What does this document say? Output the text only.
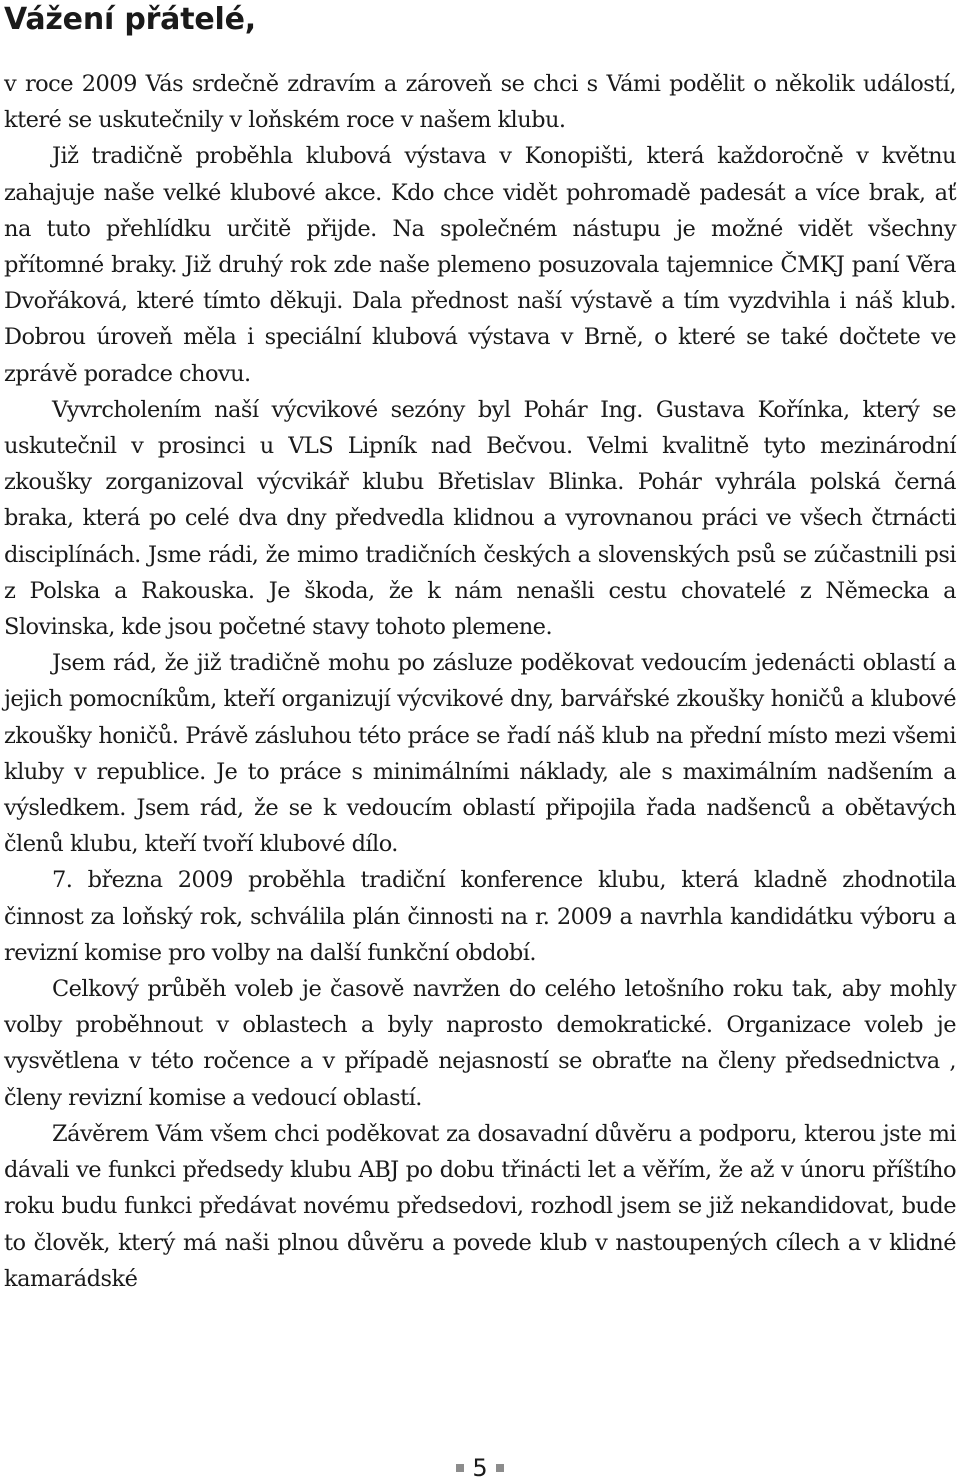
Vážení přátelé,

v roce 2009 Vás srdečně zdravím a zároveň se chci s Vámi podělit o několik událostí, které se uskutečnily v loňském roce v našem klubu.

Již tradičně proběhla klubová výstava v Konopišti, která každoročně v květnu zahajuje naše velké klubové akce. Kdo chce vidět pohromadě padesát a více brak, ať na tuto přehlídku určitě přijde. Na společném nástupu je možné vidět všechny přítomné braky. Již druhý rok zde naše plemeno posuzovala tajemnice ČMKJ paní Věra Dvořáková, které tímto děkuji. Dala přednost naší výstavě a tím vyzdvihla i náš klub. Dobrou úroveň měla i speciální klubová výstava v Brně, o které se také dočtete ve zprávě poradce chovu.

Vyvrcholením naší výcvikové sezóny byl Pohár Ing. Gustava Kořínka, který se uskutečnil v prosinci u VLS Lipník nad Bečvou. Velmi kvalitně tyto mezinárodní zkoušky zorganizoval výcvikář klubu Břetislav Blinka. Pohár vyhrála polská černá braka, která po celé dva dny předvedla klidnou a vyrovnanou práci ve všech čtrnácti disciplínách. Jsme rádi, že mimo tradičních českých a slovenských psů se zúčastnili psi z Polska a Rakouska. Je škoda, že k nám nenašli cestu chovatelé z Německa a Slovinska, kde jsou početné stavy tohoto plemene.

Jsem rád, že již tradičně mohu po zásluze poděkovat vedoucím jedenácti oblastí a jejich pomocníkům, kteří organizují výcvikové dny, barvářské zkoušky honičů a klubové zkoušky honičů. Právě zásluhou této práce se řadí náš klub na přední místo mezi všemi kluby v republice. Je to práce s minimálními náklady, ale s maximálním nadšením a výsledkem. Jsem rád, že se k vedoucím oblastí připojila řada nadšenců a obětavých členů klubu, kteří tvoří klubové dílo.

7. března 2009 proběhla tradiční konference klubu, která kladně zhodnotila činnost za loňský rok, schválila plán činnosti na r. 2009 a navrhla kandidátku výboru a revizní komise pro volby na další funkční období.

Celkový průběh voleb je časově navržen do celého letošního roku tak, aby mohly volby proběhnout v oblastech a byly naprosto demokratické. Organizace voleb je vysvětlena v této ročence a v případě nejasností se obraťte na členy předsednictva , členy revizní komise a vedoucí oblastí.

Závěrem Vám všem chci poděkovat za dosavadní důvěru a podporu, kterou jste mi dávali ve funkci předsedy klubu ABJ po dobu třinácti let a věřím, že až v únoru příštího roku budu funkci předávat novému předsedovi, rozhodl jsem se již nekandidovat, bude to člověk, který má naši plnou důvěru a povede klub v nastoupených cílech a v klidné kamarádské

5
